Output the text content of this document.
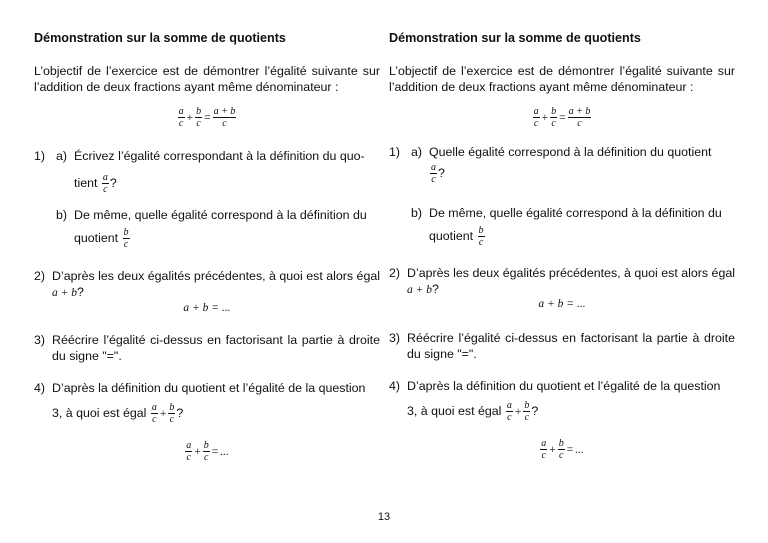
Démonstration sur la somme de quotients
L’objectif de l’exercice est de démontrer l’égalité suivante sur l’addition de deux fractions ayant même dénominateur :
$\frac{a}{c} + \frac{b}{c} = \frac{a + b}{c}$
1) a) Écrivez l’égalité correspondant à la définition du quo-
tient $\frac{a}{c}$ ?
b) De même, quelle égalité correspond à la définition du
quotient $\frac{b}{c}$
2) D’après les deux égalités précédentes, à quoi est alors égal a + b?
a + b = ...
3) Réécrire l’égalité ci-dessus en factorisant la partie à droite du signe "=".
4) D’après la définition du quotient et l’égalité de la question
3, à quoi est égal $\frac{a}{c} + \frac{b}{c}$ ?
$\frac{a}{c} + \frac{b}{c}$ = ...
Démonstration sur la somme de quotients
L’objectif de l’exercice est de démontrer l’égalité suivante sur l’addition de deux fractions ayant même dénominateur :
$\frac{a}{c} + \frac{b}{c} = \frac{a + b}{c}$
1) a) Quelle égalité correspond à la définition du quotient
$\frac{a}{c}$ ?
b) De même, quelle égalité correspond à la définition du
quotient $\frac{b}{c}$
2) D’après les deux égalités précédentes, à quoi est alors égal a + b?
a + b = ...
3) Réécrire l’égalité ci-dessus en factorisant la partie à droite du signe "=".
4) D’après la définition du quotient et l’égalité de la question
3, à quoi est égal $\frac{a}{c} + \frac{b}{c}$ ?
$\frac{a}{c} + \frac{b}{c}$ = ...
13
